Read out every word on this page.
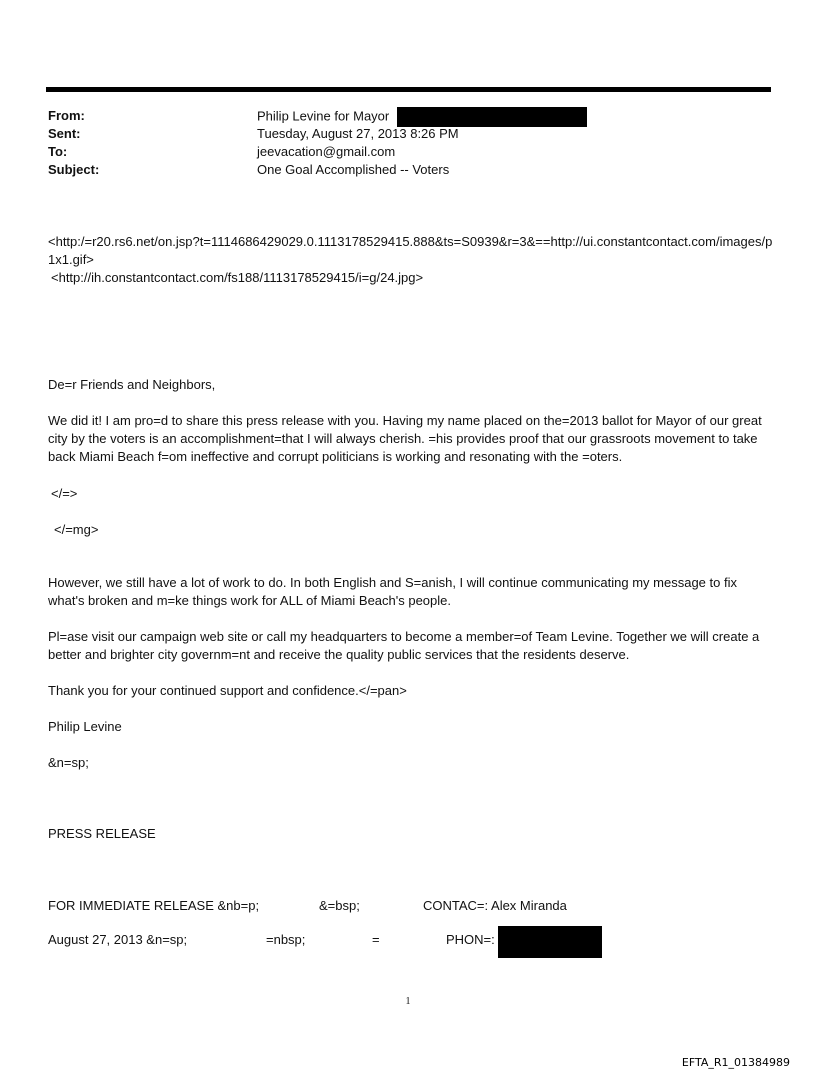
From:	Philip Levine for Mayor
Sent:	Tuesday, August 27, 2013 8:26 PM
To:	jeevacation@gmail.com
Subject:	One Goal Accomplished -- Voters
<http:/=r20.rs6.net/on.jsp?t=1114686429029.0.1113178529415.888&ts=S0939&r=3&==http://ui.constantcontact.com/images/p1x1.gif>
<http://ih.constantcontact.com/fs188/1113178529415/i=g/24.jpg>
De=r Friends and Neighbors,
We did it! I am pro=d to share this press release with you. Having my name placed on the=2013 ballot for Mayor of our great city by the voters is an accomplishment=that I will always cherish. =his provides proof that our grassroots movement to take back Miami Beach f=om ineffective and corrupt politicians is working and resonating with the =oters.
</=>
</=mg>
However, we still have a lot of work to do. In both English and S=anish, I will continue communicating my message to fix what's broken and m=ke things work for ALL of Miami Beach's people.
Pl=ase visit our campaign web site or call my headquarters to become a member=of Team Levine. Together we will create a better and brighter city governm=nt and receive the quality public services that the residents deserve.
Thank you for your continued support and confidence.</=pan>
Philip Levine
&n=sp;
PRESS RELEASE
FOR IMMEDIATE RELEASE &nb=p;	&=bsp;	CONTAC=: Alex Miranda
August 27, 2013 &n=sp;	=nbsp;	=	PHON=:
1
EFTA_R1_01384989
